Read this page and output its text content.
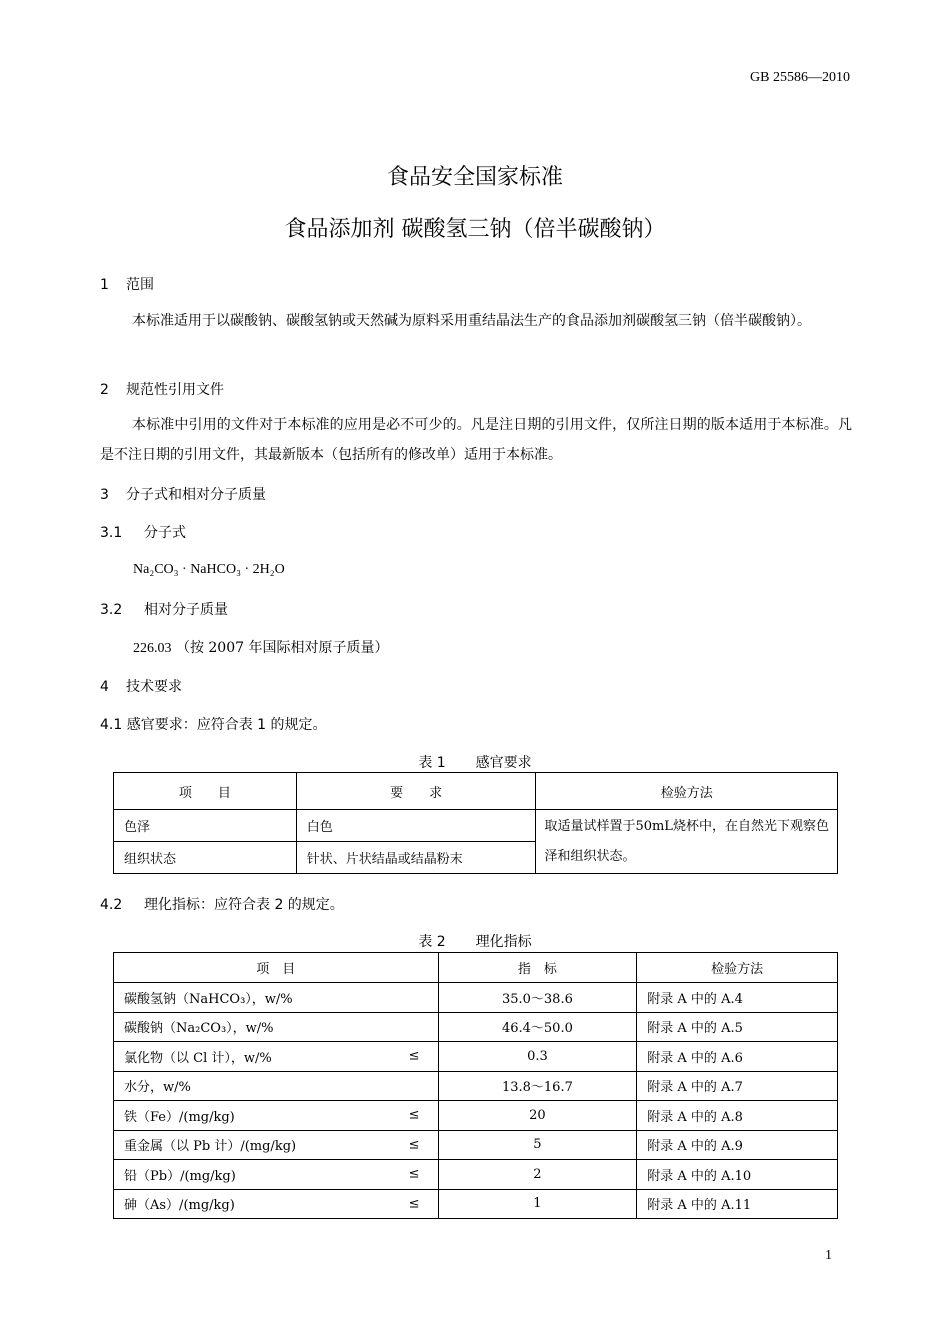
GB 25586—2010
食品安全国家标准
食品添加剂 碳酸氢三钠（倍半碳酸钠）
1 范围
本标准适用于以碳酸钠、碳酸氢钠或天然碱为原料采用重结晶法生产的食品添加剂碳酸氢三钠（倍半碳酸钠）。
2 规范性引用文件
本标准中引用的文件对于本标准的应用是必不可少的。凡是注日期的引用文件，仅所注日期的版本适用于本标准。凡是不注日期的引用文件，其最新版本（包括所有的修改单）适用于本标准。
3 分子式和相对分子质量
3.1 分子式
Na₂CO₃ · NaHCO₃ · 2H₂O
3.2 相对分子质量
226.03 （按 2007 年国际相对原子质量）
4 技术要求
4.1 感官要求：应符合表 1 的规定。
表 1 感官要求
项　　目	要　　求	检验方法
色泽	白色	取适量试样置于50mL烧杯中，在自然光下观察色泽和组织状态。
组织状态	针状、片状结晶或结晶粉末	
4.2 理化指标：应符合表 2 的规定。
表 2 理化指标
项　目	指　标	检验方法
碳酸氢钠（NaHCO₃），w/%	35.0～38.6	附录 A 中的 A.4
碳酸钠（Na₂CO₃），w/%	46.4～50.0	附录 A 中的 A.5
氯化物（以 Cl 计），w/% ≤	0.3	附录 A 中的 A.6
水分，w/%	13.8～16.7	附录 A 中的 A.7
铁（Fe）/(mg/kg) ≤	20	附录 A 中的 A.8
重金属（以 Pb 计）/(mg/kg) ≤	5	附录 A 中的 A.9
铅（Pb）/(mg/kg) ≤	2	附录 A 中的 A.10
砷（As）/(mg/kg) ≤	1	附录 A 中的 A.11
1
